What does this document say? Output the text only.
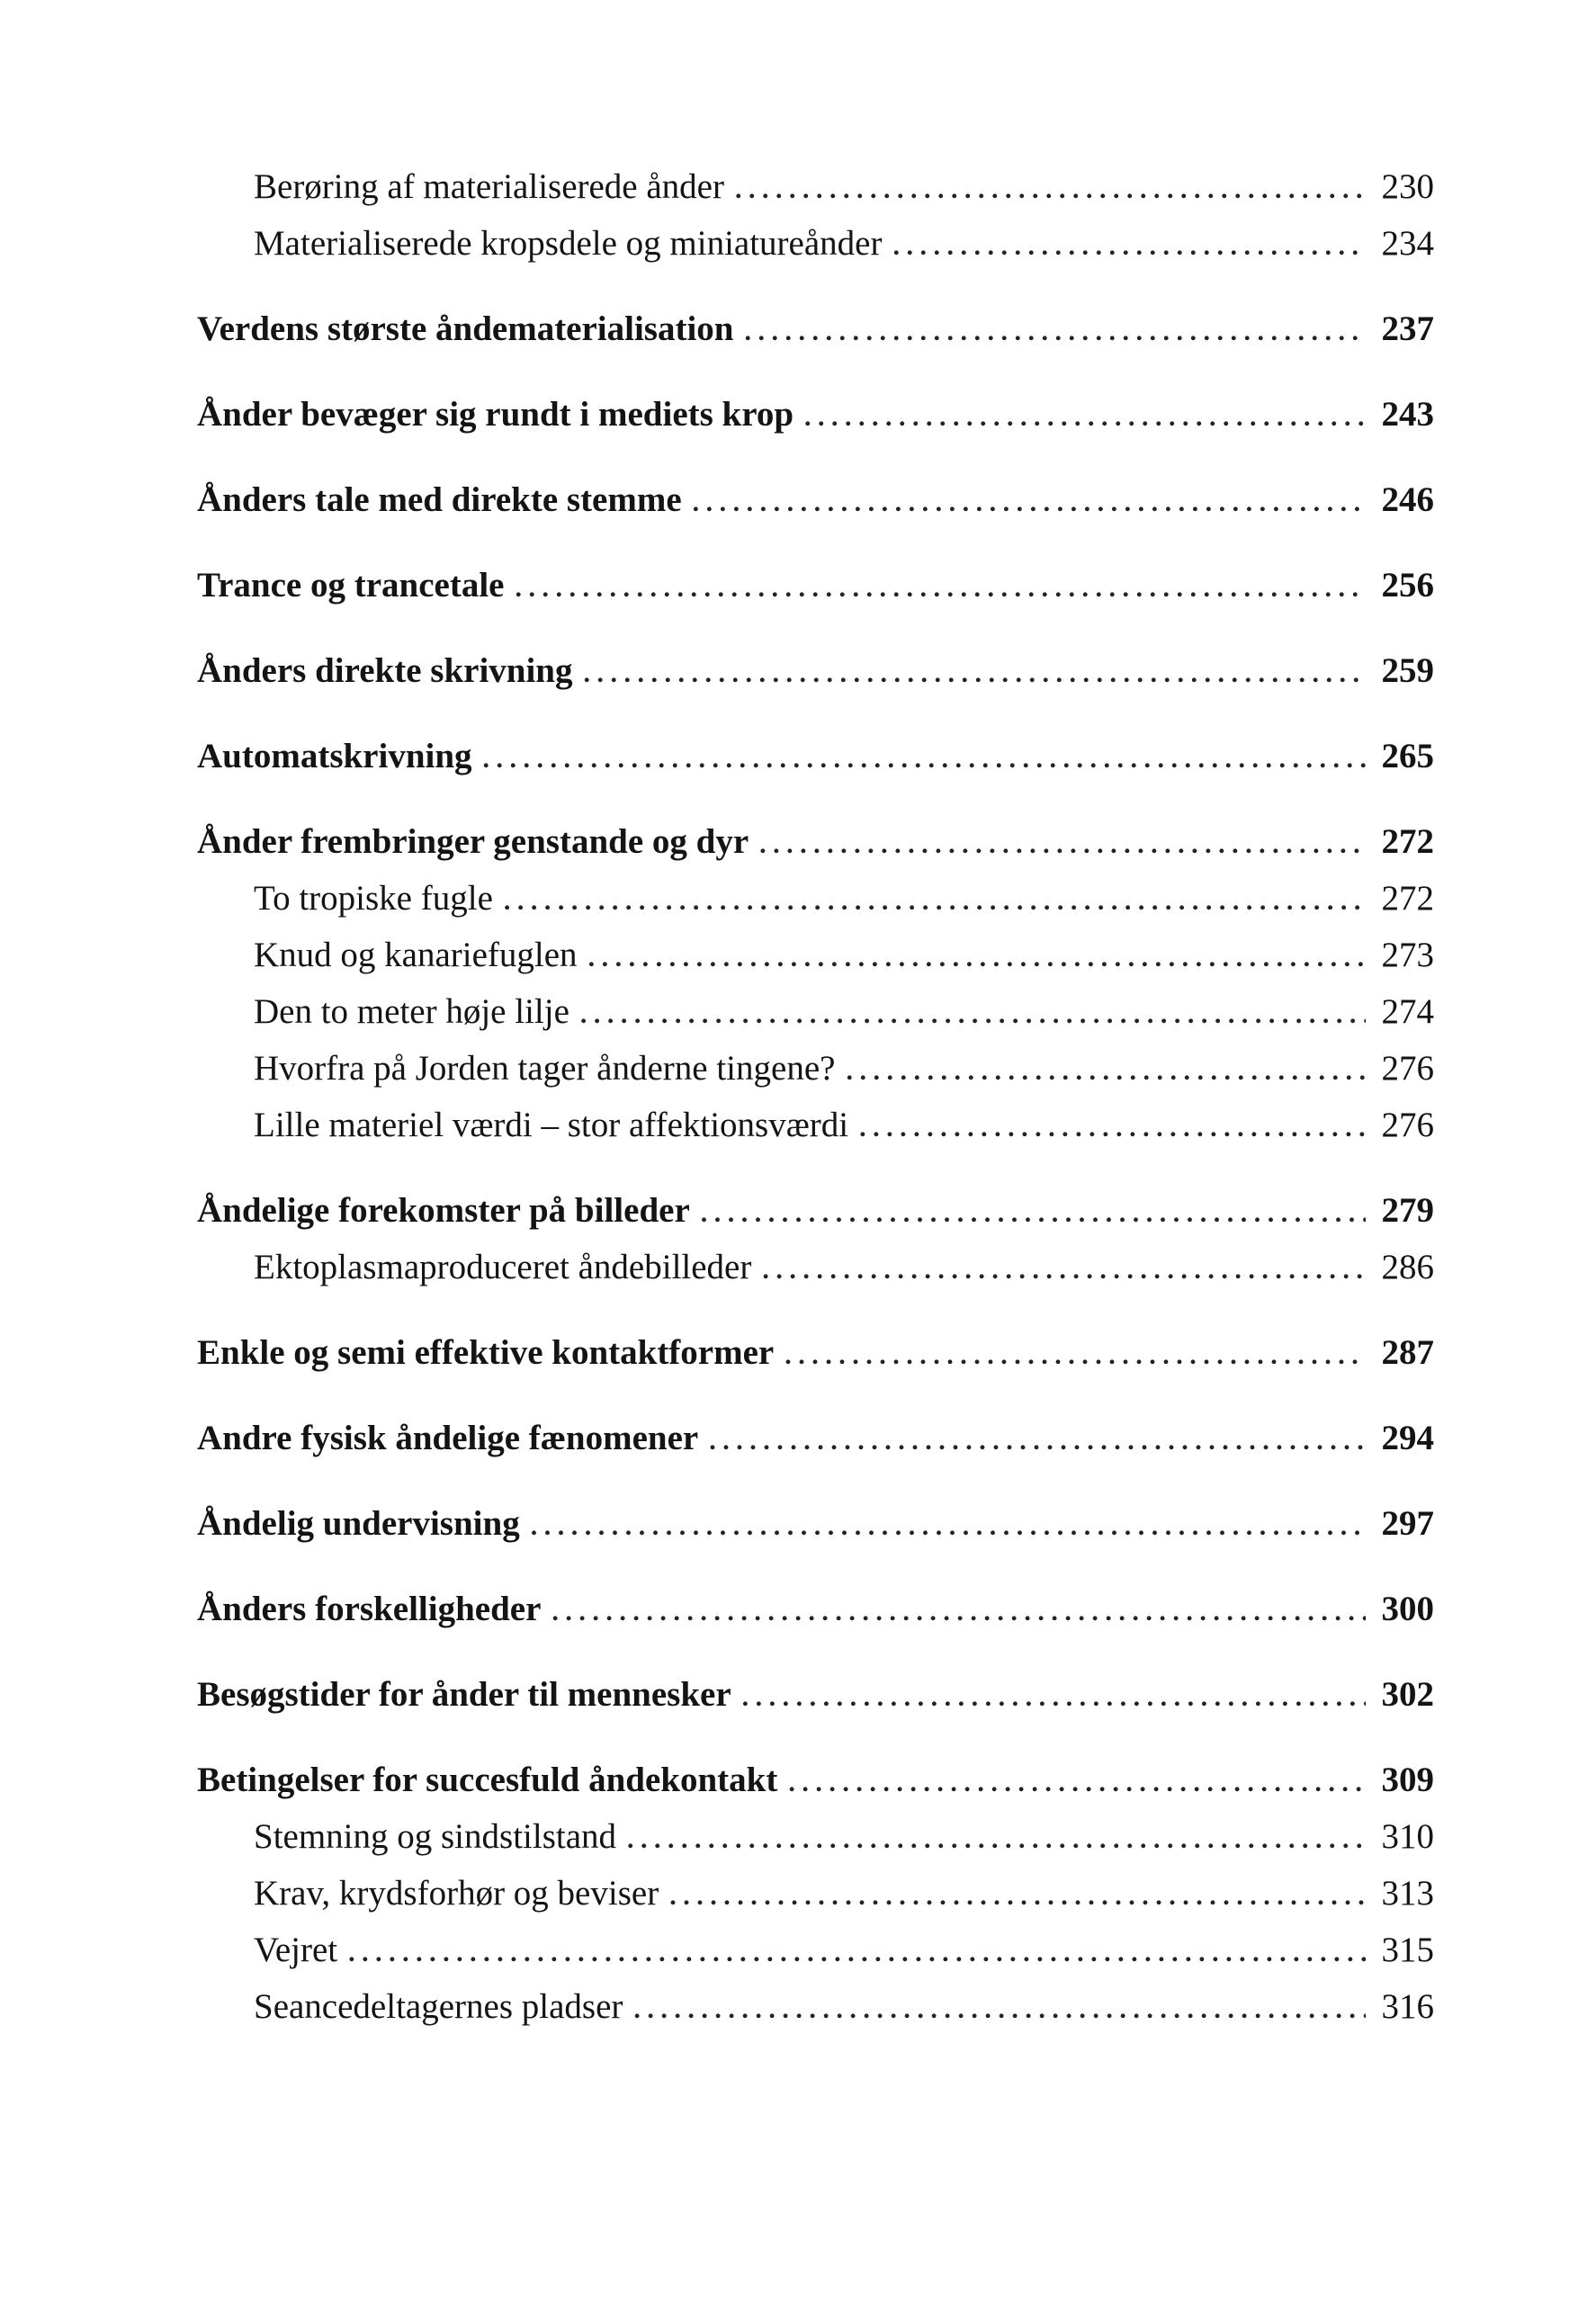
Berøring af materialiserede ånder . . .	230
Materialiserede kropsdele og miniatureånder . . .	234
Verdens største åndematerialisation . . .	237
Ånder bevæger sig rundt i mediets krop . . .	243
Ånders tale med direkte stemme . . .	246
Trance og trancetale . . .	256
Ånders direkte skrivning . . .	259
Automatskrivning . . .	265
Ånder frembringer genstande og dyr . . .	272
To tropiske fugle . . .	272
Knud og kanariefuglen . . .	273
Den to meter høje lilje . . .	274
Hvorfra på Jorden tager ånderne tingene? . . .	276
Lille materiel værdi – stor affektionsværdi . . .	276
Åndelige forekomster på billeder . . .	279
Ektoplasmaproduceret åndebilleder . . .	286
Enkle og semi effektive kontaktformer . . .	287
Andre fysisk åndelige fænomener . . .	294
Åndelig undervisning . . .	297
Ånders forskelligheder . . .	300
Besøgstider for ånder til mennesker . . .	302
Betingelser for succesfuld åndekontakt . . .	309
Stemning og sindstilstand . . .	310
Krav, krydsforhør og beviser . . .	313
Vejret . . .	315
Seancedeltagernes pladser . . .	316
